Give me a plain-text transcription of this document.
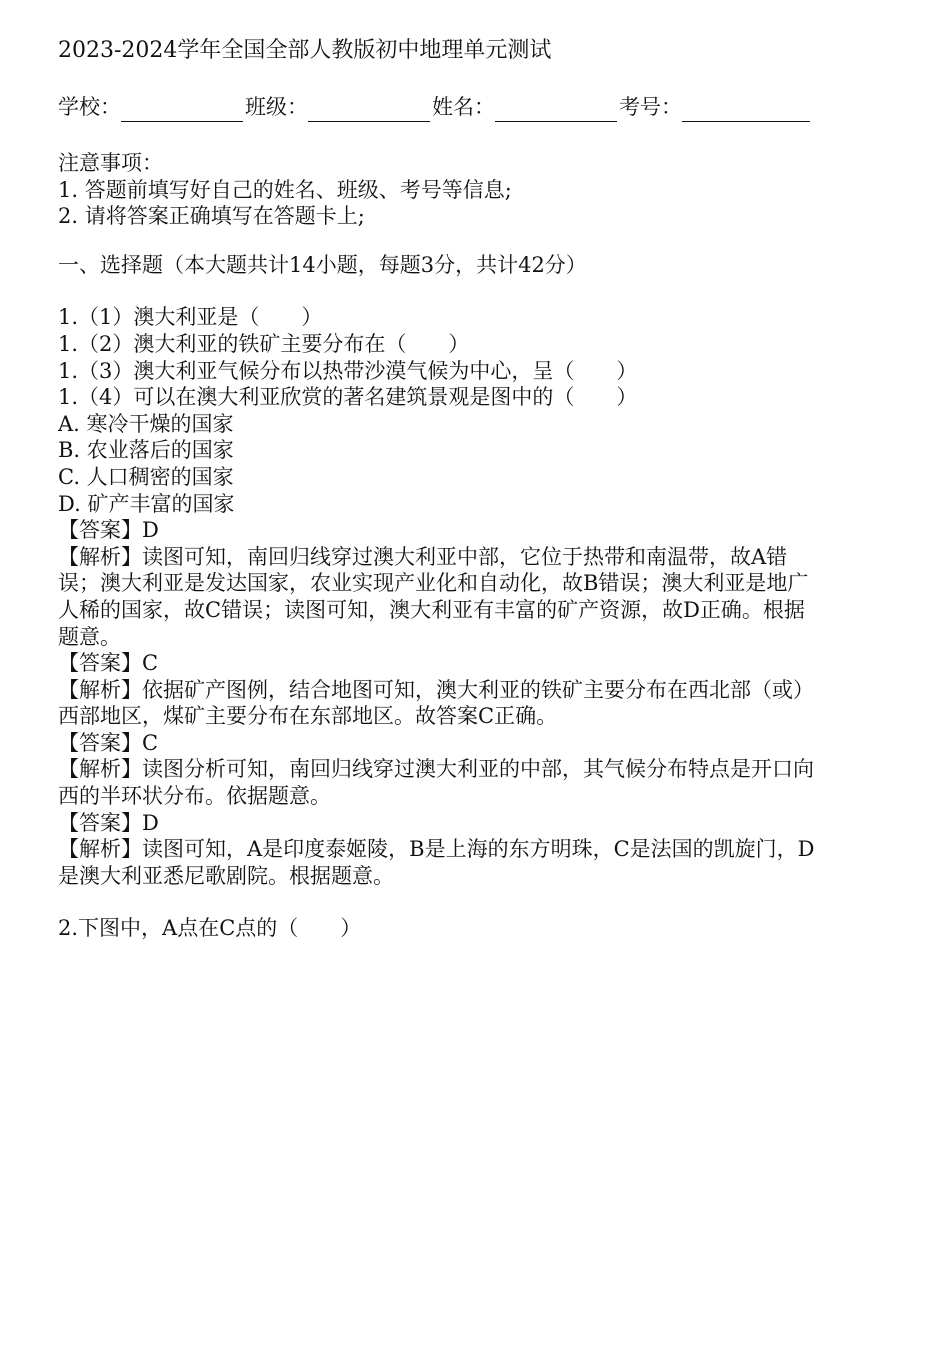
2023-2024学年全国全部人教版初中地理单元测试
学校：	班级：	姓名：	考号：
注意事项：
1. 答题前填写好自己的姓名、班级、考号等信息;
2. 请将答案正确填写在答题卡上;
一、选择题（本大题共计14小题，每题3分，共计42分）
1.（1）澳大利亚是（　　）
1.（2）澳大利亚的铁矿主要分布在（　　）
1.（3）澳大利亚气候分布以热带沙漠气候为中心，呈（　　）
1.（4）可以在澳大利亚欣赏的著名建筑景观是图中的（　　）
A. 寒冷干燥的国家
B. 农业落后的国家
C. 人口稠密的国家
D. 矿产丰富的国家
【答案】D
【解析】读图可知，南回归线穿过澳大利亚中部，它位于热带和南温带，故A错
误；澳大利亚是发达国家，农业实现产业化和自动化，故B错误；澳大利亚是地广
人稀的国家，故C错误；读图可知，澳大利亚有丰富的矿产资源，故D正确。根据
题意。
【答案】C
【解析】依据矿产图例，结合地图可知，澳大利亚的铁矿主要分布在西北部（或）
西部地区，煤矿主要分布在东部地区。故答案C正确。
【答案】C
【解析】读图分析可知，南回归线穿过澳大利亚的中部，其气候分布特点是开口向
西的半环状分布。依据题意。
【答案】D
【解析】读图可知，A是印度泰姬陵，B是上海的东方明珠，C是法国的凯旋门，D
是澳大利亚悉尼歌剧院。根据题意。
2.下图中，A点在C点的（　　）
